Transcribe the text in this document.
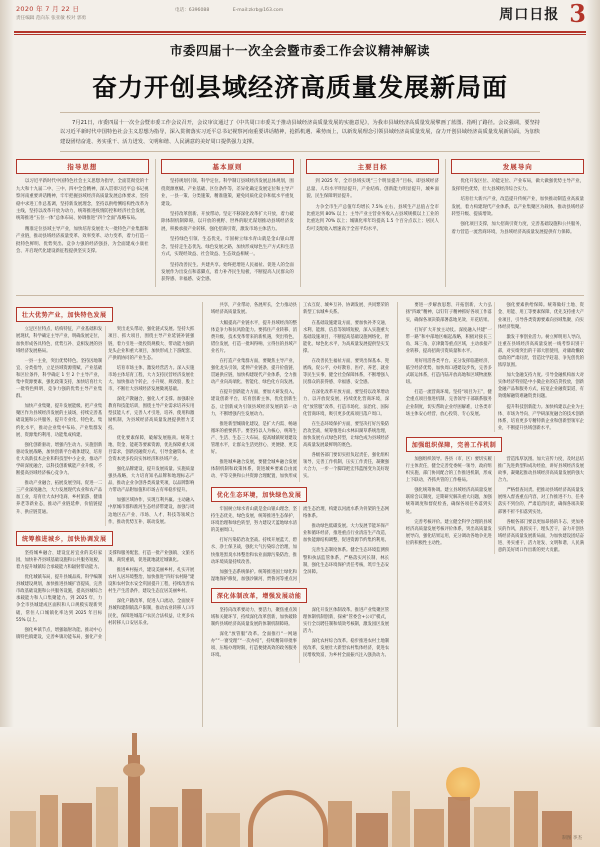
2020 年 7 月 22 日
责任编辑 范向东 张亚敏 校对 郭勇
电话：6396088	E-mail:zkrb@163.com	周口日报 3
市委四届十一次全会暨市委工作会议精神解读
奋力开创县域经济高质量发展新局面
7月21日，市委四届十一次全会暨市委工作会议召开，会议审议通过了《中共周口市委关于推动县域经济高质量发展的实施意见》，为我市县域经济高质量发展擘画了蓝图、指明了路径。会议强调，要坚持以习近平新时代中国特色社会主义思想为指导，深入贯彻落实习近平总书记视察河南重要讲话精神，抢抓机遇、乘势而上，以新发展理念引领县域经济高质量发展，奋力开创县域经济高质量发展新局面，为加快建设团结奋进、务实重干、活力迸发、文明和谐、人民满意的美好周口提供强力支撑。
指导思想

以习近平新时代中国特色社会主义思想为指导，全面贯彻党的十九大和十九届二中、三中、四中全会精神，深入贯彻习近平总书记视察河南重要讲话精神，牢牢把握县域经济高质量发展总体要求，坚持稳中求进工作总基调，坚持新发展理念，坚持以供给侧结构性改革为主线，坚持以改革开放为动力，统筹推进疫情防控和经济社会发展，统筹推进“五位一体”总体布局、协调推进“四个全面”战略布局。

精准定位县域主导产业，加快培育发展壮大一批特色产业集群和产业链，推动县域经济质量变革、效率变革、动力变革，着力打造一批特色鲜明、优势突出、竞争力强的经济强县，为全面建成小康社会、开启现代化建设新征程提供坚实支撑。

基本原则

坚持规划引领、科学定位。科学制订县域经济发展总体规划，围绕资源禀赋、产业基础、区位条件等，差异化确定发展定位和主导产业，一县一策、分类施策、精准施策，避免同质化竞争和低水平重复建设。

坚持改革创新、开放带动。坚定不移深化改革扩大开放，着力破除体制机制障碍，以开放的视野、世界的眼光谋划推动县域经济发展，积极承接产业转移，强化招商引资，激发市场主体活力。

坚持绿色引领、生态优先。牢固树立绿水青山就是金山银山理念，坚持走生态优先、绿色发展之路，加快形成绿色生产方式和生活方式，实现经效益、社会效益、生态效益相统一。

坚持改善民生、共建共享。始终把增进人民福祉、促进人的全面发展作为出发点和落脚点，着力补齐民生短板，不断提高人民群众的获得感、幸福感、安全感。

主要目标

到 2025 年，全市县域实现“三个明显提升”目标，即县域经济总量、人均水平明显提升，产业结构、创新能力明显提升，城乡面貌、民生保障明显提升。

力争全市生产总值年均增长 7.5% 左右，县域生产总值占全市比重达到 80% 以上；主导产业主营业务收入占县域规模以上工业的比重达到 70% 以上；城镇化率年均提高 1.5 个百分点以上；居民人均可支配收入增速高于全省平均水平。

发展导向

优化开发区位、功能定位、产业布局，做大做强优势主导产业，发挥特色优势，壮大县域经济综合实力。

培育壮大新兴产业，改造提升传统产业，加快推动制造业高质量发展，着力构建现代产业体系，以产业集聚区为载体，推动县域经济转型升级、提质增效。

强化项目支撑，加大招商引资力度，完善基础设施和公共服务，着力营造一流营商环境，为县域经济高质量发展提供有力保障。

壮大优势产业，加快特色发展

立足区位特点、结构特征，产业基础和发展现状，科学确定主导产业，明确发展定位，加快形成各具特色、优势互补、竞相发展的县域经济发展格局。

一县一主业，突出优势特色。坚持因地制宜、分类指导，立足县域资源禀赋、产业基础和区位条件，科学确定 1 至 2 个主导产业，集中资源要素，强化政策支持，加快培育壮大一批特色鲜明、竞争力强的优势主导产业集群。

加快产业集聚，提升发展能级。把产业集聚区作为县域经济发展的主战场，持续完善基础设施和公共服务，提升专业化、特色化、集约化水平，推动企业集中布局、产业集群发展、资源集约利用、功能集成构建。

强化创新驱动，增强内生动力。实施创新驱动发展战略，加快创新平台载体建设，培育壮大高新技术企业和科技型中小企业，推动产学研深度融合，以科技创新赋能产业升级，不断提高县域经济核心竞争力。

推动产业融合，拓展发展空间。促进一二三产业深度融合，大力发展现代农业和农产品加工业，培育壮大农村电商、乡村旅游、健康养老等新业态，推动产业链延伸、价值链提升、供应链贯通。

突出龙头带动，强化链式发展。坚持大抓项目、抓大项目，围绕主导产业延链补链强链，着力引进一批投资规模大、带动能力强的龙头企业和重大项目，加快形成上下游配套、产供销协同的产业生态。

培育市场主体，激发经营活力。深入实施市场主体培育工程，大力支持民营经济发展壮大，加快推动个转企、小升规、规改股、股上市，不断壮大县域经济发展微观基础。

深化产教融合，强化人才支撑。加强职业教育和技能培训，围绕主导产业需求培养实用型技能人才，完善人才引进、培养、使用和激励机制，为县域经济高质量发展提供智力支持。

优化要素保障，破解发展瓶颈。统筹土地、资金、能耗等要素资源，优先保障重大项目需求，创新投融资方式，引导金融资本、社会资本更多投向实体经济和县域产业。

强化品牌建设，提升发展质量。实施质量强县战略，大力培育知名品牌和地理标志产品，推动企业争创各类质量奖项，以品牌影响力带动产品附加值和市场占有率稳步提升。

加强区域协作，实现互利共赢。主动融入中原城市群和淮河生态经济带建设，加强与周边地区在产业、市场、人才、科技等领域合作，推动优势互补、联动发展。

统筹推进城乡，加快协调发展

坚持城乡融合、建设宜居宜业的美好家园，加快补齐县域基础设施和公共服务短板，着力提升城镇综合承载能力和辐射带动能力。

优化城镇布局，提升县城品质。科学编制县城建设规划，加快推进县城扩容提质，完善市政基础设施和公共服务设施，提高县城综合承载能力和人口集聚能力。到 2025 年，力争全市县城建成区面积和人口规模实现新突破，常住人口城镇化率达到 2025 年目标 55% 以上。

强化乡镇节点，增强辐射功能。推动中心镇特色镇建设，完善乡镇功能布局，强化产业支撑和服务配套，打造一批产业强镇、文旅名镇、商贸重镇，促进就地就近城镇化。

推进乡村振兴，建设美丽乡村。扎实开展农村人居环境整治，加快推进“四好农村路”建设和农村饮水安全巩固提升工程，持续改善农村生产生活条件，建设生态宜居美丽乡村。

深化户籍改革，促进人口流动。全面放开县城和建制镇落户限制，推动农业转移人口市民化，保障进城落户农民合法权益，让更多农村转移人口安居乐业。

共享，产业带动、各展所长，全力推动县域经济高质量发展。

大幅提高产业链水平，提升县域经济的整体竞争力和抗风险能力。要抓住产业转移、消费升级、技术变革带来的新机遇，突出特色、错位发展，打造一批叫得响、立得住的县域产业名片。

在打造产业集群方面，要聚焦主导产业，强化龙头引领，延伸产业链条、提升价值链、贯通供应链，加快构建现代产业体系，全力推动产业向高端化、智能化、绿色化方向发展。

在提升创新能力方面，要加大研发投入，建设创新平台，培育创新主体，优化创新生态，让创新成为引领县域经济发展的第一动力，不断增强内生发展动力。

推进新型城镇化建设，是扩大内需、畅通循环的重要抓手。要坚持以人为核心，统筹生产、生活、生态三大布局，提高城镇规划建设管理水平，让群众生活更舒心、更便捷、更美好。

推进城乡融合发展，要健全城乡融合发展体制机制和政策体系，促进城乡要素自由流动、平等交换和公共资源合理配置，加快形成工农互促、城乡互补、协调发展、共同繁荣的新型工农城乡关系。

在基础设施建设方面，要加快补齐交通、水利、能源、信息等领域短板，深入实施重大基础设施项目，不断提高基础设施网络化、智能化、绿色化水平，为高质量发展提供坚实支撑。

在改善民生福祉方面，要突出保基本、兜底线、促公平，办好教育、医疗、养老、就业等民生实事，健全社会保障体系，不断增强人民群众的获得感、幸福感、安全感。

在深化改革开放方面，要坚持以改革增动力、以开放促发展，持续优化营商环境，深化“放管服”改革，打造市场化、法治化、国际化营商环境，吸引更多优质项目落户周口。

在生态环境保护方面，要坚决打好污染防治攻坚战，统筹推进山水林田湖草系统治理，加快发展方式绿色转型，让绿色成为县域经济高质量发展最鲜明的底色。

各级各部门要切实担负起责任，强化组织领导，完善工作机制，压实工作责任，凝聚强大合力，一步一个脚印把宏伟蓝图变为美好现实。

优化生态环境，加快绿色发展

牢固树立绿水青山就是金山银山理念，坚持生态优先、绿色发展，统筹推进生态保护、环境治理和绿色转型，努力建设天蓝地绿水清的美丽周口。

打好污染防治攻坚战。持续开展蓝天、碧水、净土保卫战，强化大气污染综合治理，加快推进黑臭水体整治和农业面源污染防治，推动环境质量持续改善。

加强生态系统保护。统筹推进国土绿化和湿地保护修复，加强沙颍河、贾鲁河等重点河流生态治理，构建以河流水系为骨架的生态网络体系。

推动绿色低碳发展。大力发展节能环保产业和循环经济，推进重点行业清洁生产改造，加快能源结构调整，促进资源节约集约利用。

完善生态制度体系。健全生态环境监测预警和执法监管体系，严格落实河长制、林长制，强化生态环境保护责任考核，筑牢生态安全屏障。

深化体制改革，增强发展动能

坚持向改革要动力、要活力，聚焦重点领域和关键环节，持续深化改革创新，加快破除制约县域经济高质量发展的体制机制障碍。

深化“放管服”改革。全面推行“一网通办”“一窗受理”“一次办结”，持续精简审批事项、压缩办理时限，打造便捷高效的政务服务环境。

深化开发区体制改革。推进产业集聚区管理体制机制创新，探索“管委会+公司”模式，实行全员聘任制和绩效考核制，激发园区发展活力。

深化农村综合改革。稳步推进农村土地制度改革，发展壮大新型农村集体经济，促进农民增收致富，为乡村全面振兴注入强劲动力。

要进一步解放思想、开拓创新，大力弘扬“四敢”精神，以钉钉子精神抓好各项工作落实，确保各项决策部署落地见效、开花结果。

打好扩大开放主动仗。深度融入共建“一带一路”和中部地区崛起战略，积极对接长三角、珠三角、京津冀等重点区域，主动承接产业转移，提高招商引资质量和水平。

用好用活各类平台。充分发挥临港经济、临空经济优势，加快周口港建设步伐，完善多式联运体系，打造内陆开放高地和区域物流枢纽。

打造一流营商环境。坚持“项目为王”，健全重点项目推进机制，完善领导干部联系服务企业制度，切实帮助企业纾困解难，让各类市场主体安心经营、放心投资、专心发展。

强化要素供给保障。统筹做好土地、资金、用能、用工等要素保障，优先支持重大产业项目，引导各类资源要素向县域集聚、向实体经济集聚。

激发干事创业活力。树立鲜明用人导向，注重在县域经济高质量发展一线考察识别干部，对实绩突出的干部大胆使用，对庸政懒政怠政的严肃问责，营造比学赶超、争先创优的浓厚氛围。

加大金融支持力度。引导金融机构加大对实体经济特别是中小微企业的信贷投放，创新金融产品和服务方式，拓宽企业融资渠道，有效缓解融资难融资贵问题。

提升科技创新能力。加快构建以企业为主体、市场为导向、产学研深度融合的技术创新体系，培育更多专精特新企业和创新型领军企业，不断提升县域创新水平。

加强组织保障，完善工作机制

加强组织领导。各县（市、区）要切实履行主体责任，健全完善党委统一领导、政府组织实施、部门协同配合的工作推进机制，形成上下联动、齐抓共管的工作格局。

强化统筹协调。建立县域经济高质量发展联席会议制度，定期研究解决重大问题，加强统筹调度和督促检查，确保各项任务落到实处。

完善考核评价。建立健全科学合理的县域经济高质量发展考核评价体系，突出高质量发展导向，强化结果运用，充分调动各地争先进位的积极性主动性。

营造浓厚氛围。加大宣传力度，及时总结推广先进典型和成功经验，讲好县域经济发展故事，凝聚起推动县域经济高质量发展的强大合力。

严格督查问责。把推动县域经济高质量发展纳入督查重点内容，对工作推进不力、任务落实不到位的，严肃追责问责，确保各项决策部署不折不扣落到实处。

各级各部门要以更加昂扬的斗志、更加务实的作风，真抓实干、埋头苦干，奋力开创县域经济高质量发展新局面，为加快建设团结奋进、务实重干、活力迸发、文明和谐、人民满意的美好周口作出新的更大贡献。

制图 李杰
